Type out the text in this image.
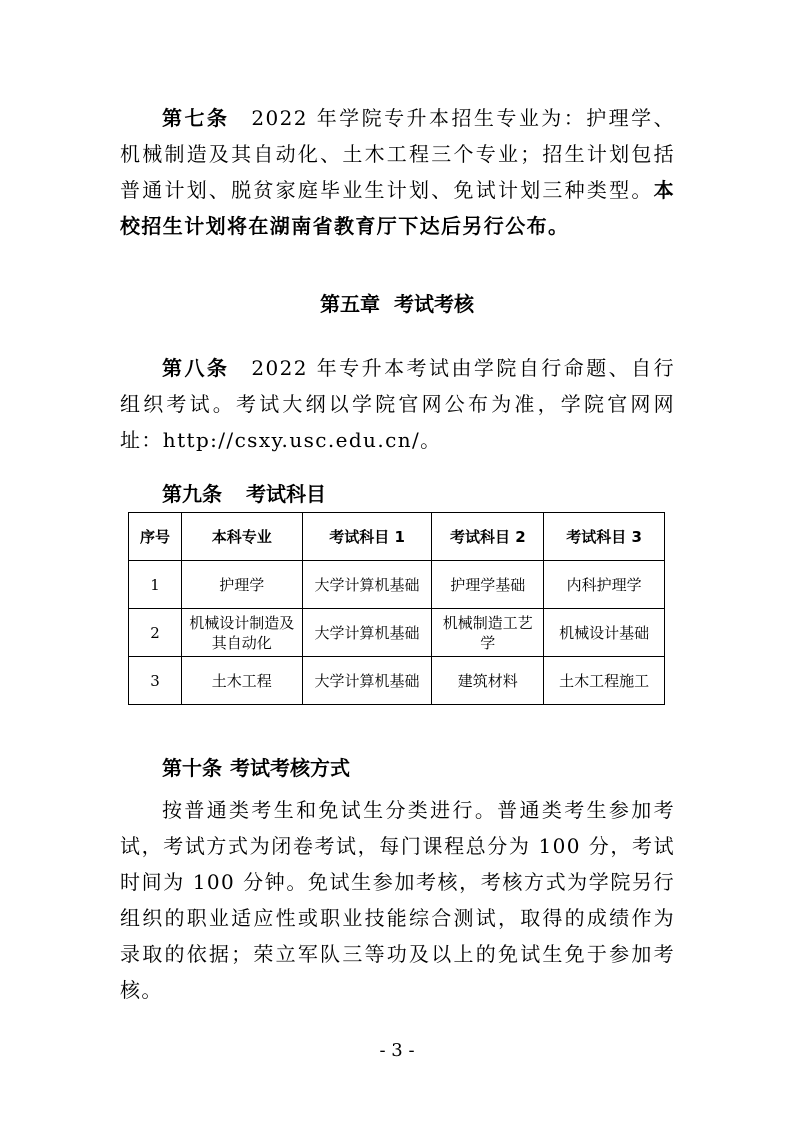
第七条 2022 年学院专升本招生专业为：护理学、机械制造及其自动化、土木工程三个专业；招生计划包括普通计划、脱贫家庭毕业生计划、免试计划三种类型。本校招生计划将在湖南省教育厅下达后另行公布。

第五章 考试考核

第八条 2022 年专升本考试由学院自行命题、自行组织考试。考试大纲以学院官网公布为准，学院官网网址：http://csxy.usc.edu.cn/。

第九条 考试科目
序号	本科专业	考试科目 1	考试科目 2	考试科目 3
1	护理学	大学计算机基础	护理学基础	内科护理学
2	机械设计制造及其自动化	大学计算机基础	机械制造工艺学	机械设计基础
3	土木工程	大学计算机基础	建筑材料	土木工程施工
第十条 考试考核方式

按普通类考生和免试生分类进行。普通类考生参加考试，考试方式为闭卷考试，每门课程总分为 100 分，考试时间为 100 分钟。免试生参加考核，考核方式为学院另行组织的职业适应性或职业技能综合测试，取得的成绩作为录取的依据；荣立军队三等功及以上的免试生免于参加考核。

- 3 -
